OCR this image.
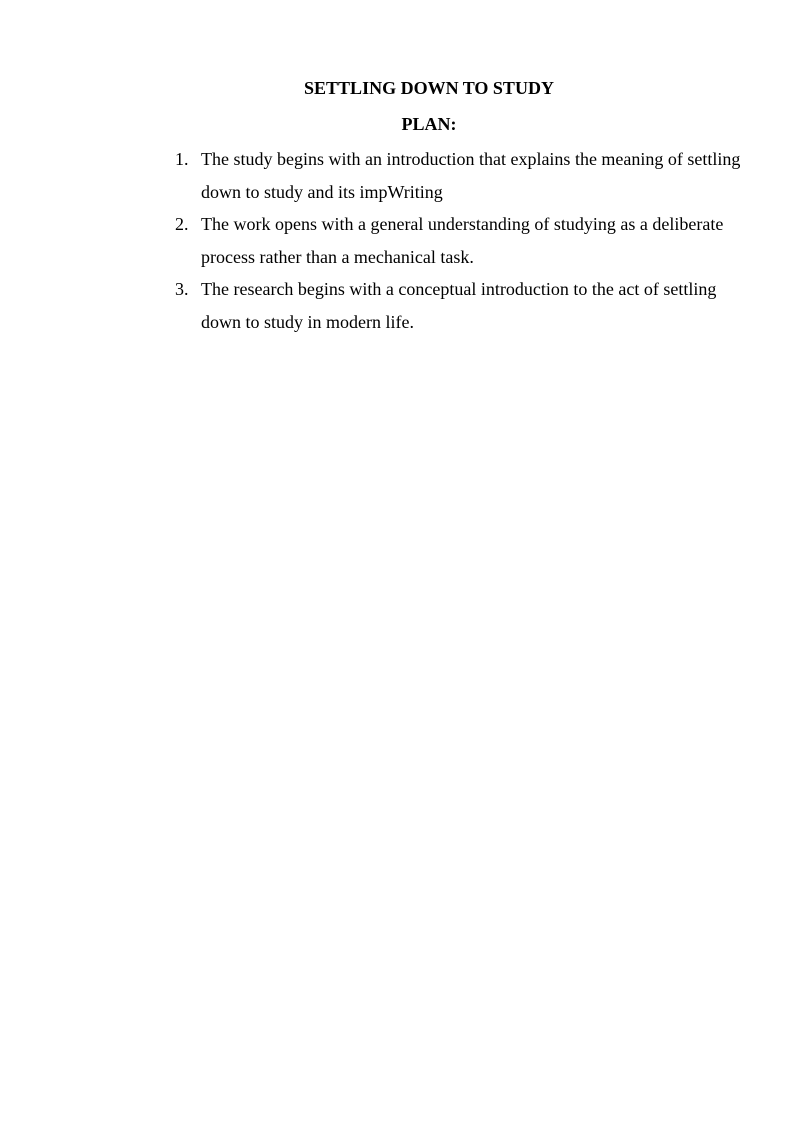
SETTLING DOWN TO STUDY
PLAN:
1. The study begins with an introduction that explains the meaning of settling down to study and its impWriting
2. The work opens with a general understanding of studying as a deliberate process rather than a mechanical task.
3. The research begins with a conceptual introduction to the act of settling down to study in modern life.
